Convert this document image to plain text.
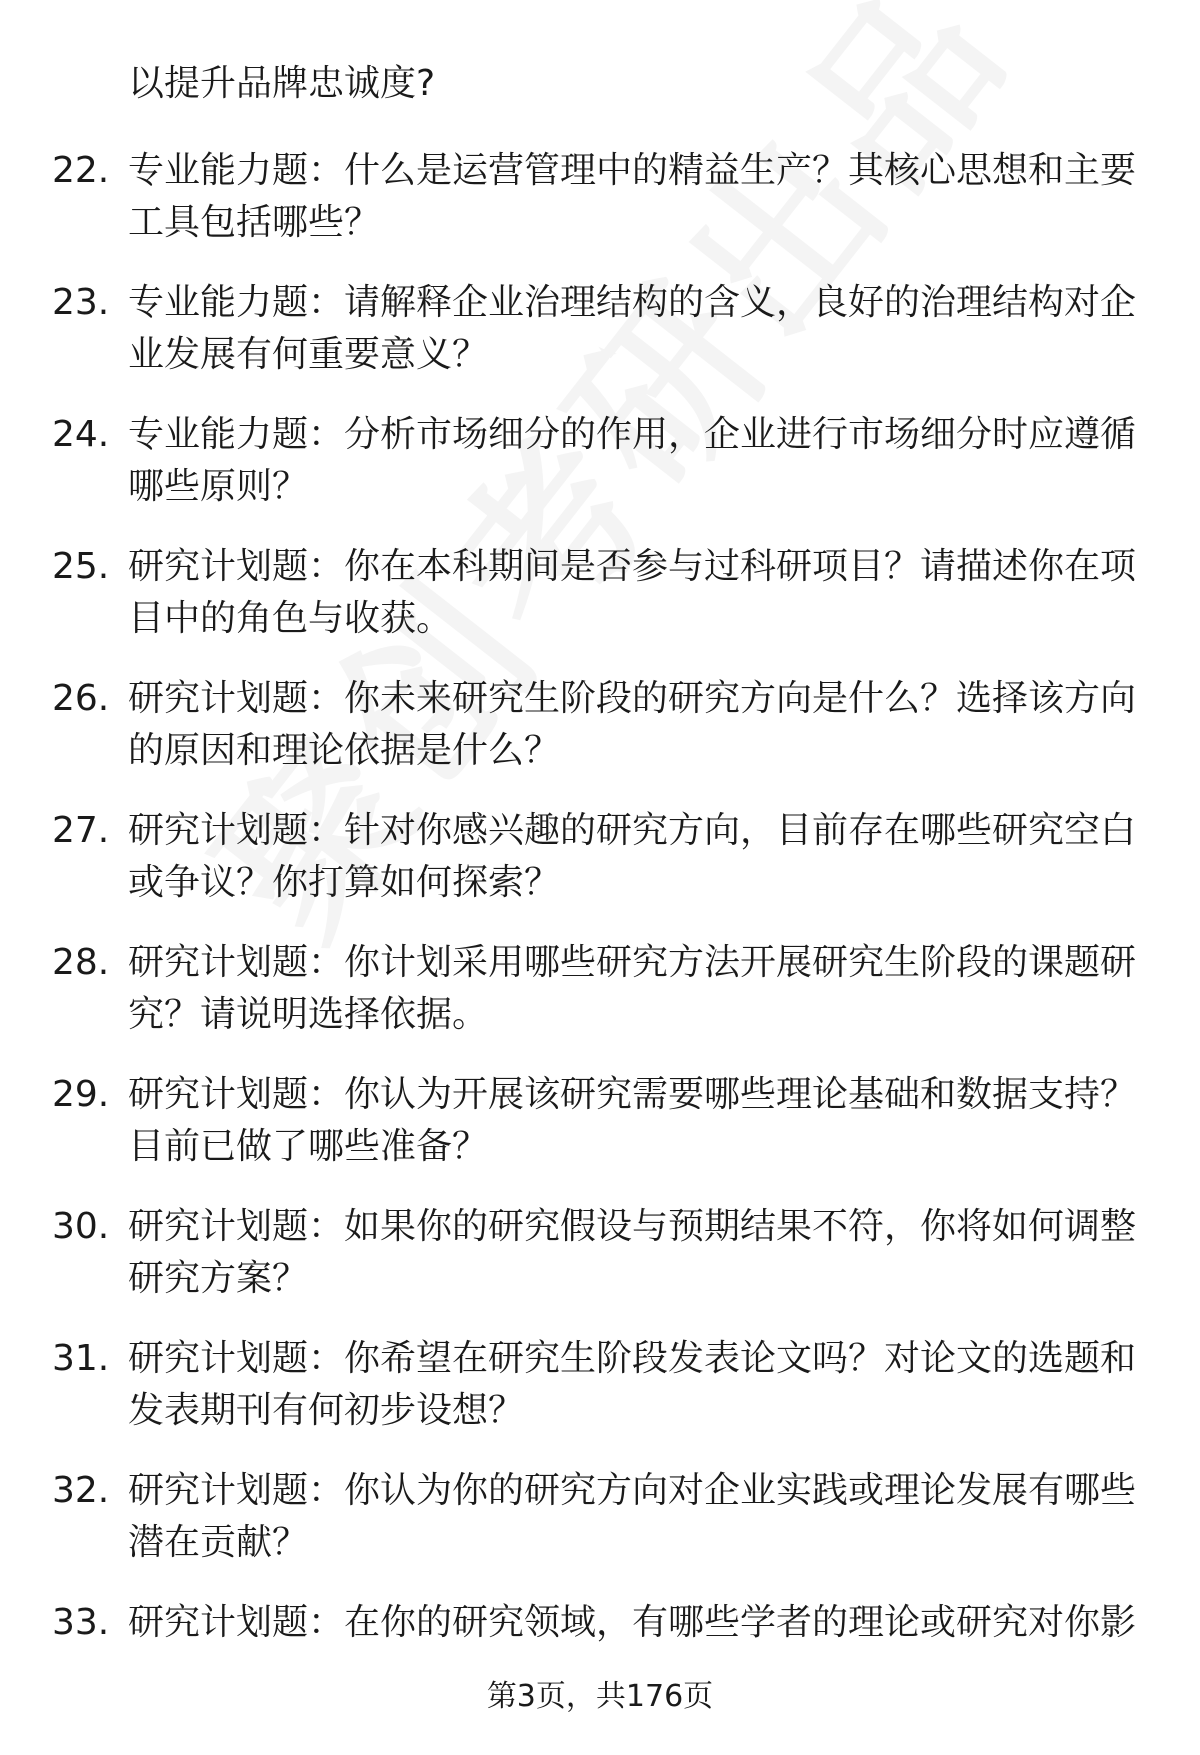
以提升品牌忠诚度?
22. 专业能力题：什么是运营管理中的精益生产？其核心思想和主要工具包括哪些？
23. 专业能力题：请解释企业治理结构的含义，良好的治理结构对企业发展有何重要意义？
24. 专业能力题：分析市场细分的作用，企业进行市场细分时应遵循哪些原则？
25. 研究计划题：你在本科期间是否参与过科研项目？请描述你在项目中的角色与收获。
26. 研究计划题：你未来研究生阶段的研究方向是什么？选择该方向的原因和理论依据是什么？
27. 研究计划题：针对你感兴趣的研究方向，目前存在哪些研究空白或争议？你打算如何探索？
28. 研究计划题：你计划采用哪些研究方法开展研究生阶段的课题研究？请说明选择依据。
29. 研究计划题：你认为开展该研究需要哪些理论基础和数据支持？目前已做了哪些准备？
30. 研究计划题：如果你的研究假设与预期结果不符，你将如何调整研究方案？
31. 研究计划题：你希望在研究生阶段发表论文吗？对论文的选题和发表期刊有何初步设想？
32. 研究计划题：你认为你的研究方向对企业实践或理论发展有哪些潜在贡献？
33. 研究计划题：在你的研究领域，有哪些学者的理论或研究对你影
第3页，共176页
